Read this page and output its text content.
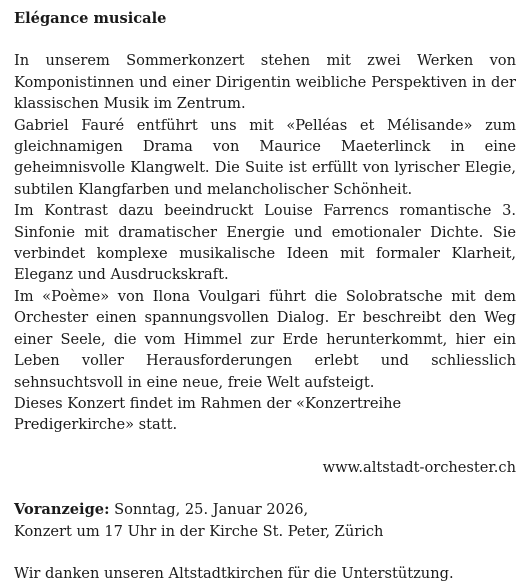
Elégance musicale

In unserem Sommerkonzert stehen mit zwei Werken von Komponistinnen und einer Dirigentin weibliche Perspektiven in der klassischen Musik im Zentrum.

Gabriel Fauré entführt uns mit «Pelléas et Mélisande» zum gleichnamigen Drama von Maurice Maeterlinck in eine geheimnisvolle Klangwelt. Die Suite ist erfüllt von lyrischer Elegie, subtilen Klangfarben und melancholischer Schönheit.

Im Kontrast dazu beeindruckt Louise Farrencs romantische 3. Sinfonie mit dramatischer Energie und emotionaler Dichte. Sie verbindet komplexe musikalische Ideen mit formaler Klarheit, Eleganz und Ausdruckskraft.

Im «Poème» von Ilona Voulgari führt die Solobratsche mit dem Orchester einen spannungsvollen Dialog. Er beschreibt den Weg einer Seele, die vom Himmel zur Erde herunterkommt, hier ein Leben voller Herausforderungen erlebt und schliesslich sehnsuchtsvoll in eine neue, freie Welt aufsteigt.

Dieses Konzert findet im Rahmen der «Konzertreihe Predigerkirche» statt.

www.altstadt-orchester.ch
Voranzeige: Sonntag, 25. Januar 2026,
Konzert um 17 Uhr in der Kirche St. Peter, Zürich

Wir danken unseren Altstadtkirchen für die Unterstützung.
